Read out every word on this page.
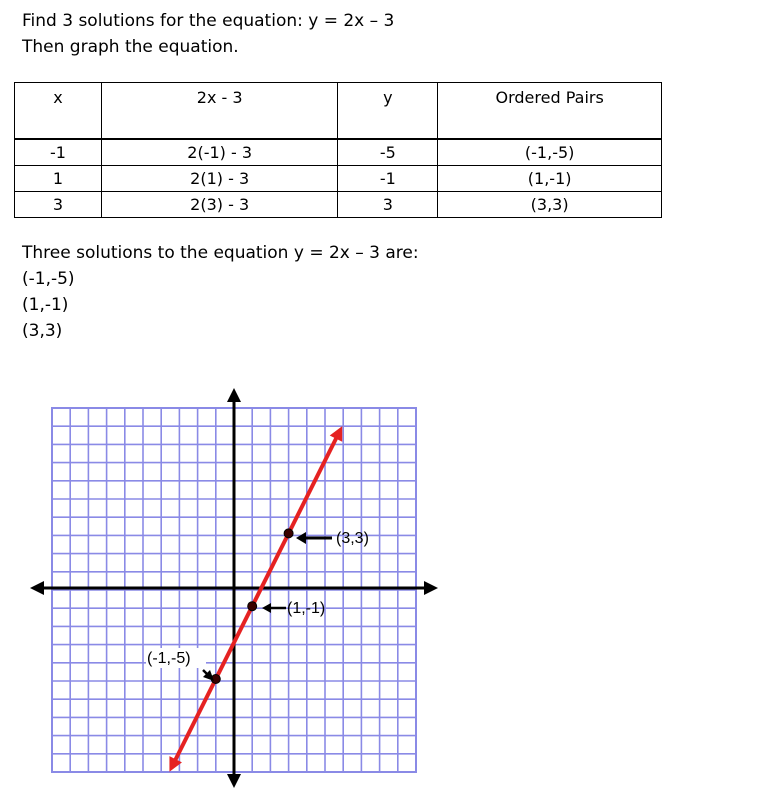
Find 3 solutions for the equation: y = 2x – 3
Then graph the equation.
x	2x - 3	y	Ordered Pairs
-1	2(-1) - 3	-5	(-1,-5)
1	2(1) - 3	-1	(1,-1)
3	2(3) - 3	3	(3,3)
Three solutions to the equation y = 2x – 3 are:
(-1,-5)
(1,-1)
(3,3)
(3,3)
(1,-1)
(-1,-5)
